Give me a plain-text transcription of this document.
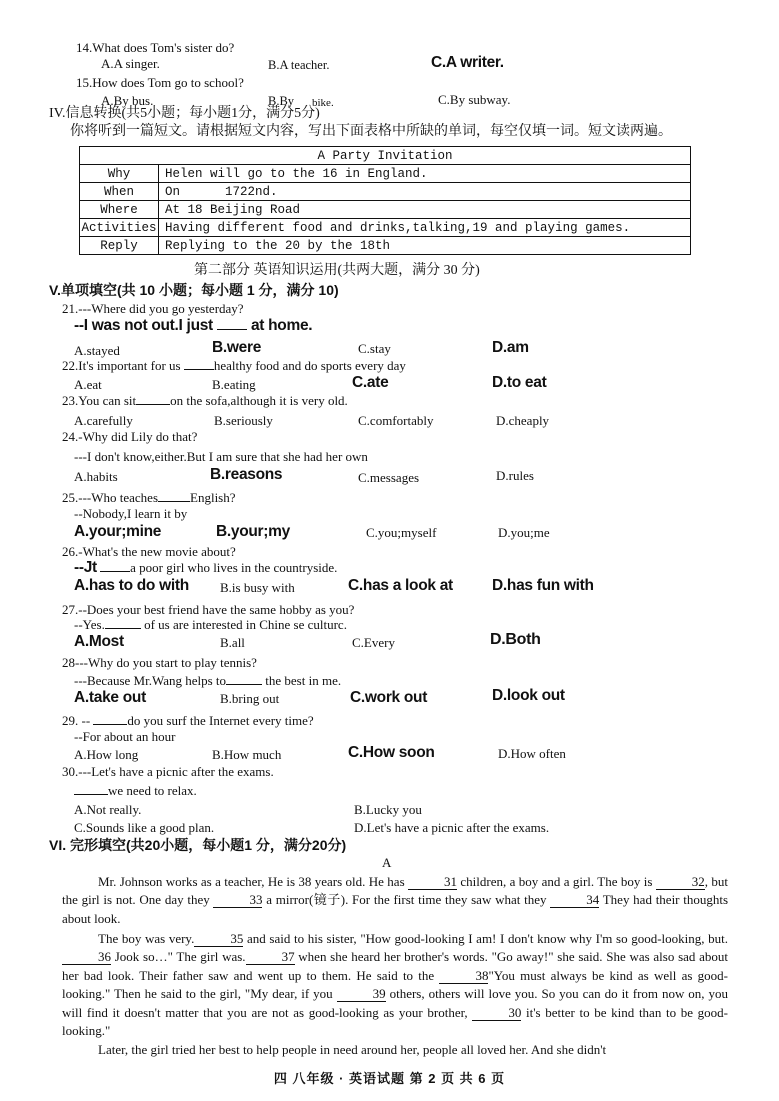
14.What does Tom's sister do?
A.A singer.	B.A teacher.	C.A writer.
15.How does Tom go to school?
A.By bus.	B.By bike.	C.By subway.
IV.信息转换(共5小题；每小题1分，满分5分)
你将听到一篇短文。请根据短文内容，写出下面表格中所缺的单词，每空仅填一词。短文读两遍。
A Party Invitation	
Why	Helen will go to the 16 in England.
When	On      1722nd.
Where	At 18 Beijing Road
Activities	Having different food and drinks,talking,19 and playing games.
Reply	Replying to the 20 by the 18th
第二部分 英语知识运用(共两大题，满分 30 分)
V.单项填空(共 10 小题；每小题 1 分，满分 10)
21.---Where did you go yesterday?
--I was not out.I just at home.
A.stayed	B.were	C.stay	D.am
22.It's important for us	healthy food and do sports every day
A.eat	B.eating	C.ate	D.to eat
23.You can sit	on the sofa,although it is very old.
A.carefully	B.seriously	C.comfortably	D.cheaply
24.-Why did Lily do that?
---I don't know,either.But I am sure that she had her own
A.habits	B.reasons	C.messages	D.rules
25.---Who teaches English?
--Nobody,I learn it by
A.your;mine	B.your;my	C.you;myself	D.you;me
26.-What's the new movie about?
--Jt	a poor girl who lives in the countryside.
A.has to do with B.is busy with	C.has a look at	D.has fun with
27.--Does your best friend have the same hobby as you?
--Yes.	of us are interested in Chine se culturc.
A.Most	B.all	C.Every	D.Both
28---Why do you start to play tennis?
---Because Mr.Wang helps to	the best in me.
A.take out	B.bring out	C.work out	D.look out
29. --	do you surf the Internet every time?
--For about an hour
A.How long	B.How much	C.How soon	D.How often
30.---Let's have a picnic after the exams.
we need to relax.
A.Not really.	B.Lucky you
C.Sounds like a good plan.	D.Let's have a picnic after the exams.
VI. 完形填空(共20小题，每小题1 分，满分20分)
A
Mr. Johnson works as a teacher, He is 38 years old. He has	31 children, a boy and a girl. The boy is	32, but the girl is not. One day they	33 a mirror(镜子). For the first time they saw what they	34 They had their thoughts about look.
The boy was very.	35 and said to his sister, "How good-looking I am! I don't know why I'm so good-looking, but. 36 Jook so…" The girl was.	37 when she heard her brother's words. "Go away!" she said. She was also sad about her bad look. Their father saw and went up to them. He said to the	38"You must always be kind as well as good-looking." Then he said to the girl, "My dear, if you	39 others, others will love you. So you can do it from now on, you will find it doesn't matter that you are not as good-looking as your brother,	30 it's better to be kind than to be good-looking."
Later, the girl tried her best to help people in need around her, people all loved her. And she didn't
四 八年级 · 英语试题 第 2 页 共 6 页
